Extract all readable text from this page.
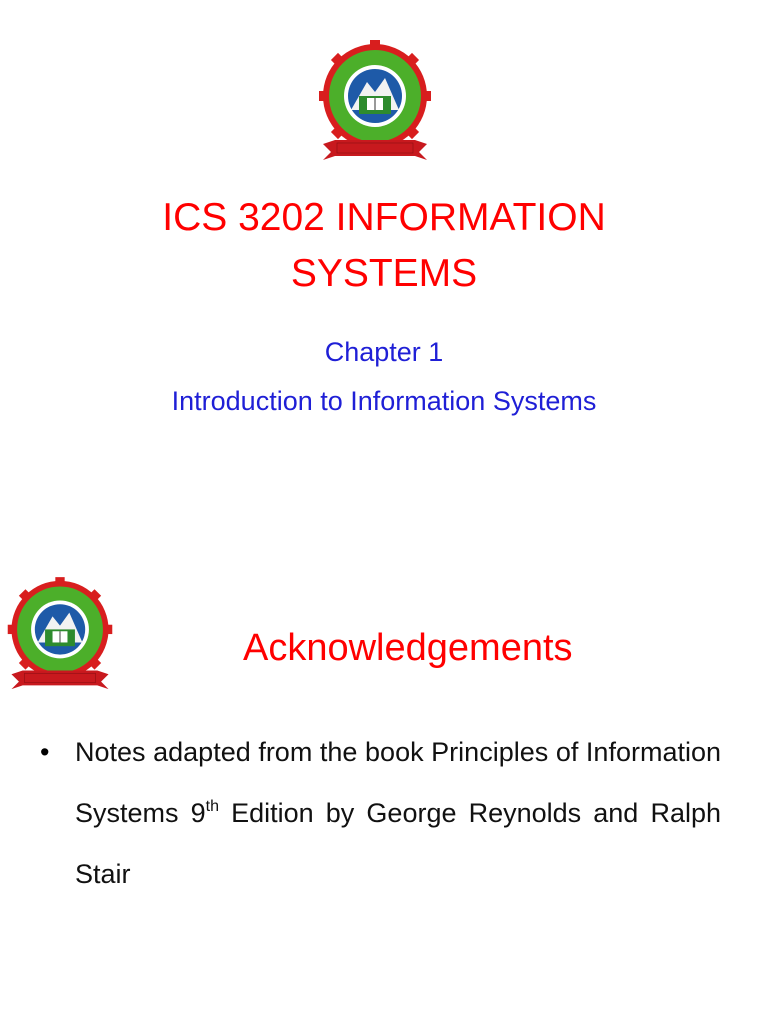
ICS 3202 INFORMATION
SYSTEMS
Chapter 1
Introduction to Information Systems
Acknowledgements
• Notes adapted from the book Principles of Information Systems 9th Edition by George Reynolds and Ralph Stair
